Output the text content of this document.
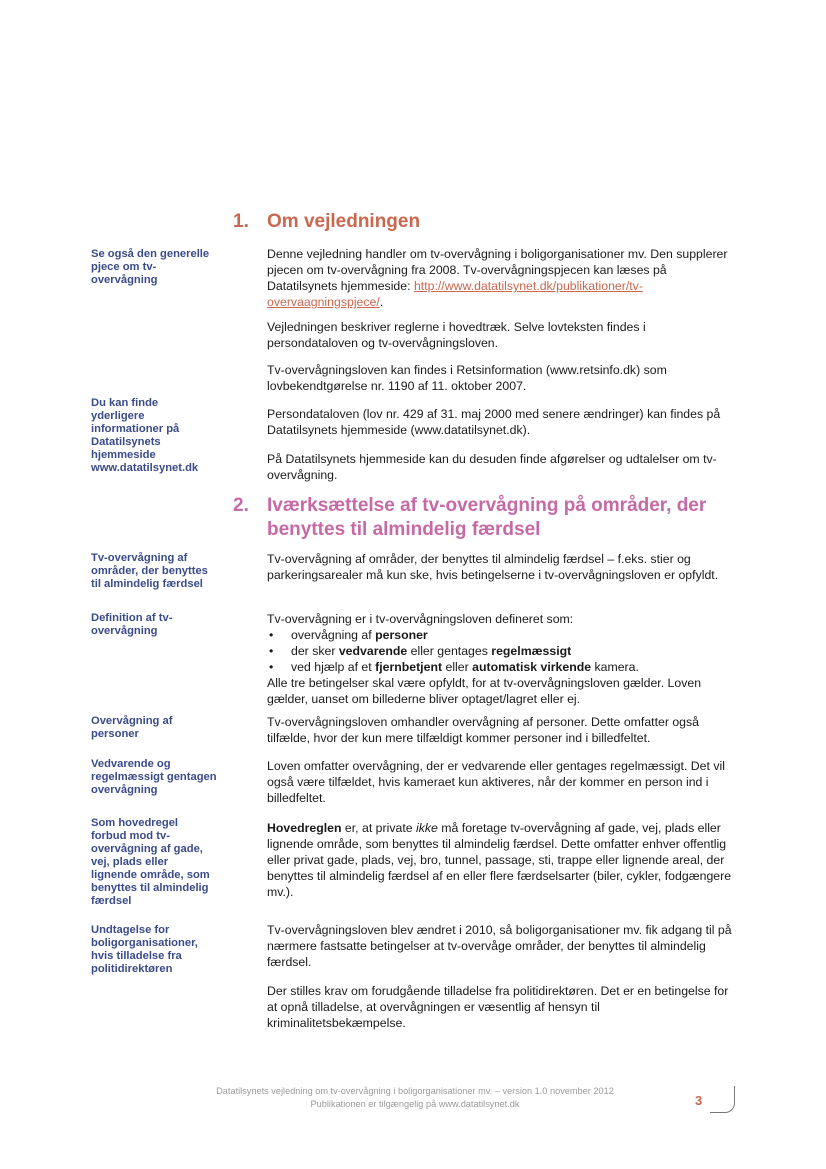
1. Om vejledningen
Se også den generelle pjece om tv-overvågning
Du kan finde yderligere informationer på Datatilsynets hjemmeside www.datatilsynet.dk
Tv-overvågning af områder, der benyttes til almindelig færdsel
Definition af tv-overvågning
Overvågning af personer
Vedvarende og regelmæssigt gentagen overvågning
Som hovedregel forbud mod tv-overvågning af gade, vej, plads eller lignende område, som benyttes til almindelig færdsel
Undtagelse for boligorganisationer, hvis tilladelse fra politidirektøren
Denne vejledning handler om tv-overvågning i boligorganisationer mv. Den supplerer pjecen om tv-overvågning fra 2008. Tv-overvågningspjecen kan læses på Datatilsynets hjemmeside: http://www.datatilsynet.dk/publikationer/tv-overvaagningspjece/.
Vejledningen beskriver reglerne i hovedtræk. Selve lovteksten findes i persondataloven og tv-overvågningsloven.
Tv-overvågningsloven kan findes i Retsinformation (www.retsinfo.dk) som lovbekendtgørelse nr. 1190 af 11. oktober 2007.
Persondataloven (lov nr. 429 af 31. maj 2000 med senere ændringer) kan findes på Datatilsynets hjemmeside (www.datatilsynet.dk).
På Datatilsynets hjemmeside kan du desuden finde afgørelser og udtalelser om tv-overvågning.
2. Iværksættelse af tv-overvågning på områder, der benyttes til almindelig færdsel
Tv-overvågning af områder, der benyttes til almindelig færdsel – f.eks. stier og parkeringsarealer må kun ske, hvis betingelserne i tv-overvågningsloven er opfyldt.

Tv-overvågning er i tv-overvågningsloven defineret som:

• overvågning af personer
• der sker vedvarende eller gentages regelmæssigt
• ved hjælp af et fjernbetjent eller automatisk virkende kamera.

Alle tre betingelser skal være opfyldt, for at tv-overvågningsloven gælder. Loven gælder, uanset om billederne bliver optaget/lagret eller ej.

Tv-overvågningsloven omhandler overvågning af personer. Dette omfatter også tilfælde, hvor der kun mere tilfældigt kommer personer ind i billedfeltet.
Loven omfatter overvågning, der er vedvarende eller gentages regelmæssigt. Det vil også være tilfældet, hvis kameraet kun aktiveres, når der kommer en person ind i billedfeltet.
Hovedreglen er, at private ikke må foretage tv-overvågning af gade, vej, plads eller lignende område, som benyttes til almindelig færdsel. Dette omfatter enhver offentlig eller privat gade, plads, vej, bro, tunnel, passage, sti, trappe eller lignende areal, der benyttes til almindelig færdsel af en eller flere færdselsarter (biler, cykler, fodgængere mv.).
Tv-overvågningsloven blev ændret i 2010, så boligorganisationer mv. fik adgang til på nærmere fastsatte betingelser at tv-overvåge områder, der benyttes til almindelig færdsel.
Der stilles krav om forudgående tilladelse fra politidirektøren. Det er en betingelse for at opnå tilladelse, at overvågningen er væsentlig af hensyn til kriminalitetsbekæmpelse.
Datatilsynets vejledning om tv-overvågning i boligorganisationer mv. – version 1.0 november 2012
Publikationen er tilgængelig på www.datatilsynet.dk	3
